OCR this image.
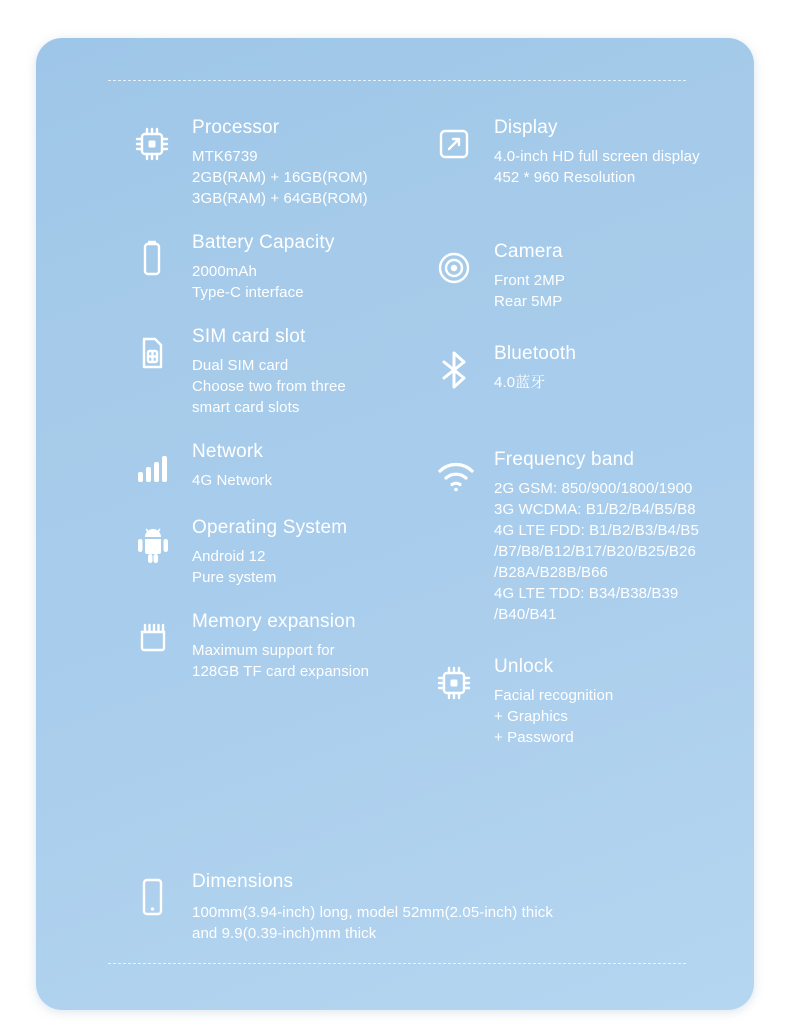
Processor
MTK6739
2GB(RAM) + 16GB(ROM)
3GB(RAM) + 64GB(ROM)
Battery Capacity
2000mAh
Type-C interface
SIM card slot
Dual SIM card
Choose two from three
smart card slots
Network
4G Network
Operating System
Android 12
Pure system
Memory expansion
Maximum support for
128GB TF card expansion
Display
4.0-inch HD full screen display
452 * 960 Resolution
Camera
Front 2MP
Rear 5MP
Bluetooth
4.0蓝牙
Frequency band
2G GSM: 850/900/1800/1900
3G WCDMA: B1/B2/B4/B5/B8
4G LTE FDD: B1/B2/B3/B4/B5
/B7/B8/B12/B17/B20/B25/B26
/B28A/B28B/B66
4G LTE TDD: B34/B38/B39
/B40/B41
Unlock
Facial recognition
+ Graphics
+ Password
Dimensions
100mm(3.94-inch) long, model 52mm(2.05-inch) thick
and 9.9(0.39-inch)mm thick
